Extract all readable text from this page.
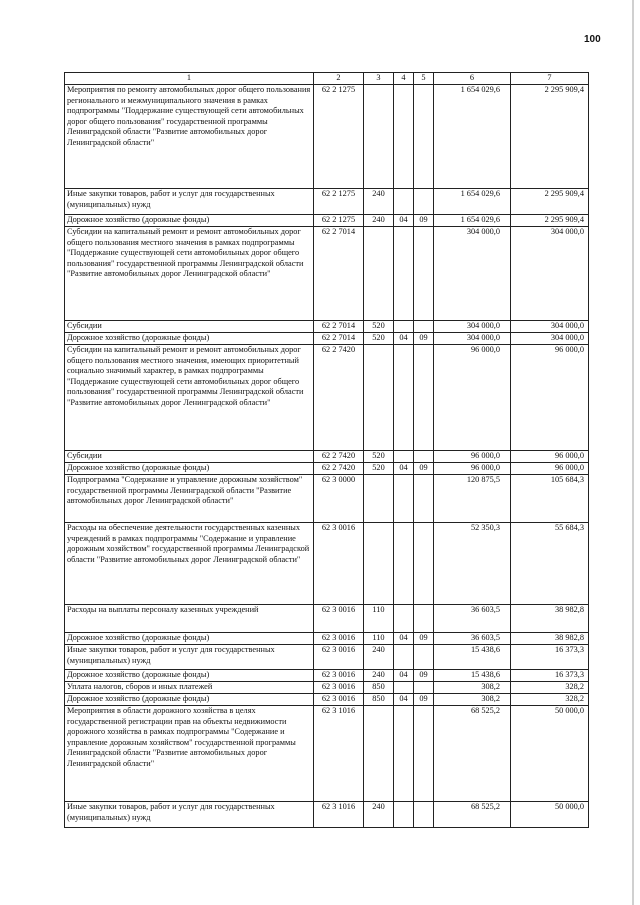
100
1	2	3	4	5	6	7
Мероприятия по ремонту автомобильных дорог общего пользования регионального и межмуниципального значения в рамках подпрограммы "Поддержание существующей сети автомобильных дорог общего пользования" государственной программы Ленинградской области "Развитие автомобильных дорог Ленинградской области"	62 2 1275				1 654 029,6	2 295 909,4
Иные закупки товаров, работ и услуг для государственных (муниципальных) нужд	62 2 1275	240			1 654 029,6	2 295 909,4
Дорожное хозяйство (дорожные фонды)	62 2 1275	240	04	09	1 654 029,6	2 295 909,4
Субсидии на капитальный ремонт и ремонт автомобильных дорог общего пользования местного значения в рамках подпрограммы "Поддержание существующей сети автомобильных дорог общего пользования" государственной программы Ленинградской области "Развитие автомобильных дорог Ленинградской области"	62 2 7014				304 000,0	304 000,0
Субсидии	62 2 7014	520			304 000,0	304 000,0
Дорожное хозяйство (дорожные фонды)	62 2 7014	520	04	09	304 000,0	304 000,0
Субсидии на капитальный ремонт и ремонт автомобильных дорог общего пользования местного значения, имеющих приоритетный социально значимый характер, в рамках подпрограммы "Поддержание существующей сети автомобильных дорог общего пользования" государственной программы Ленинградской области "Развитие автомобильных дорог Ленинградской области"	62 2 7420				96 000,0	96 000,0
Субсидии	62 2 7420	520			96 000,0	96 000,0
Дорожное хозяйство (дорожные фонды)	62 2 7420	520	04	09	96 000,0	96 000,0
Подпрограмма "Содержание и управление дорожным хозяйством" государственной программы Ленинградской области "Развитие автомобильных дорог Ленинградской области"	62 3 0000				120 875,5	105 684,3
Расходы на обеспечение деятельности государственных казенных учреждений в рамках подпрограммы "Содержание и управление дорожным хозяйством" государственной программы Ленинградской области "Развитие автомобильных дорог Ленинградской области"	62 3 0016				52 350,3	55 684,3
Расходы на выплаты персоналу казенных учреждений	62 3 0016	110			36 603,5	38 982,8
Дорожное хозяйство (дорожные фонды)	62 3 0016	110	04	09	36 603,5	38 982,8
Иные закупки товаров, работ и услуг для государственных (муниципальных) нужд	62 3 0016	240			15 438,6	16 373,3
Дорожное хозяйство (дорожные фонды)	62 3 0016	240	04	09	15 438,6	16 373,3
Уплата налогов, сборов и иных платежей	62 3 0016	850			308,2	328,2
Дорожное хозяйство (дорожные фонды)	62 3 0016	850	04	09	308,2	328,2
Мероприятия в области дорожного хозяйства в целях государственной регистрации прав на объекты недвижимости дорожного хозяйства в рамках подпрограммы "Содержание и управление дорожным хозяйством" государственной программы Ленинградской области "Развитие автомобильных дорог Ленинградской области"	62 3 1016				68 525,2	50 000,0
Иные закупки товаров, работ и услуг для государственных (муниципальных) нужд	62 3 1016	240			68 525,2	50 000,0
